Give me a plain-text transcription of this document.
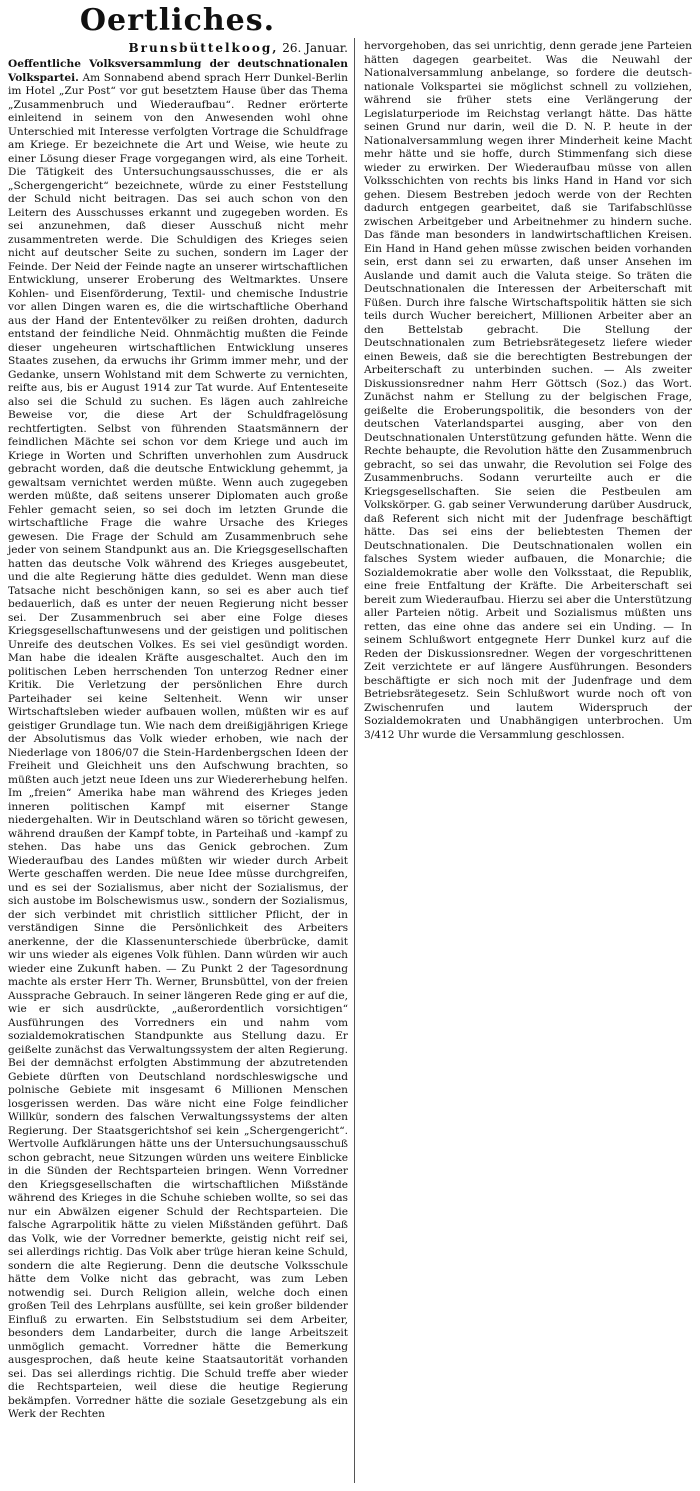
Oertliches.
Brunsbüttelkoog, 26. Januar.

Oeffentliche Volksversammlung der deutschnationalen Volkspartei. Am Sonnabend abend sprach Herr Dunkel-Berlin im Hotel „Zur Post“ vor gut besetztem Hause über das Thema „Zusammenbruch und Wiederaufbau“. Redner erörterte einleitend in seinem von den Anwesenden wohl ohne Unterschied mit Interesse verfolgten Vortrage die Schuldfrage am Kriege. Er bezeichnete die Art und Weise, wie heute zu einer Lösung dieser Frage vorgegangen wird, als eine Torheit. Die Tätigkeit des Untersuchungsausschusses, die er als „Schergengericht“ bezeichnete, würde zu einer Feststellung der Schuld nicht beitragen. Das sei auch schon von den Leitern des Ausschusses erkannt und zugegeben worden. Es sei anzunehmen, daß dieser Ausschuß nicht mehr zusammentreten werde. Die Schuldigen des Krieges seien nicht auf deutscher Seite zu suchen, sondern im Lager der Feinde. Der Neid der Feinde nagte an unserer wirtschaftlichen Entwicklung, unserer Eroberung des Weltmarktes. Unsere Kohlen- und Eisenförderung, Textil- und chemische Industrie vor allen Dingen waren es, die die wirtschaftliche Oberhand aus der Hand der Ententevölker zu reißen drohten, dadurch entstand der feindliche Neid. Ohnmächtig mußten die Feinde dieser ungeheuren wirtschaftlichen Entwicklung unseres Staates zusehen, da erwuchs ihr Grimm immer mehr, und der Gedanke, unsern Wohlstand mit dem Schwerte zu vernichten, reifte aus, bis er August 1914 zur Tat wurde. Auf Ententeseite also sei die Schuld zu suchen. Es lägen auch zahlreiche Beweise vor, die diese Art der Schuldfragelösung rechtfertigten. Selbst von führenden Staatsmännern der feindlichen Mächte sei schon vor dem Kriege und auch im Kriege in Worten und Schriften unverhohlen zum Ausdruck gebracht worden, daß die deutsche Entwicklung gehemmt, ja gewaltsam vernichtet werden müßte. Wenn auch zugegeben werden müßte, daß seitens unserer Diplomaten auch große Fehler gemacht seien, so sei doch im letzten Grunde die wirtschaftliche Frage die wahre Ursache des Krieges gewesen. Die Frage der Schuld am Zusammenbruch sehe jeder von seinem Standpunkt aus an. Die Kriegsgesellschaften hatten das deutsche Volk während des Krieges ausgebeutet, und die alte Regierung hätte dies geduldet. Wenn man diese Tatsache nicht beschönigen kann, so sei es aber auch tief bedauerlich, daß es unter der neuen Regierung nicht besser sei. Der Zusammenbruch sei aber eine Folge dieses Kriegsgesellschaftunwesens und der geistigen und politischen Unreife des deutschen Volkes. Es sei viel gesündigt worden. Man habe die idealen Kräfte ausgeschaltet. Auch den im politischen Leben herrschenden Ton unterzog Redner einer Kritik. Die Verletzung der persönlichen Ehre durch Parteihader sei keine Seltenheit. Wenn wir unser Wirtschaftsleben wieder aufbauen wollen, müßten wir es auf geistiger Grundlage tun. Wie nach dem dreißigjährigen Kriege der Absolutismus das Volk wieder erhoben, wie nach der Niederlage von 1806/07 die Stein-Hardenbergschen Ideen der Freiheit und Gleichheit uns den Aufschwung brachten, so müßten auch jetzt neue Ideen uns zur Wiedererhebung helfen. Im „freien“ Amerika habe man während des Krieges jeden inneren politischen Kampf mit eiserner Stange niedergehalten. Wir in Deutschland wären so töricht gewesen, während draußen der Kampf tobte, in Parteihaß und -kampf zu stehen. Das habe uns das Genick gebrochen. Zum Wiederaufbau des Landes müßten wir wieder durch Arbeit Werte geschaffen werden. Die neue Idee müsse durchgreifen, und es sei der Sozialismus, aber nicht der Sozialismus, der sich austobe im Bolschewismus usw., sondern der Sozialismus, der sich verbindet mit christlich sittlicher Pflicht, der in verständigen Sinne die Persönlichkeit des Arbeiters anerkenne, der die Klassenunterschiede überbrücke, damit wir uns wieder als eigenes Volk fühlen. Dann würden wir auch wieder eine Zukunft haben. — Zu Punkt 2 der Tagesordnung machte als erster Herr Th. Werner, Brunsbüttel, von der freien Aussprache Gebrauch. In seiner längeren Rede ging er auf die, wie er sich ausdrückte, „außerordentlich vorsichtigen“ Ausführungen des Vorredners ein und nahm vom sozialdemokratischen Standpunkte aus Stellung dazu. Er geißelte zunächst das Verwaltungssystem der alten Regierung. Bei der demnächst erfolgten Abstimmung der abzutretenden Gebiete dürften von Deutschland nordschleswigsche und polnische Gebiete mit insgesamt 6 Millionen Menschen losgerissen werden. Das wäre nicht eine Folge feindlicher Willkür, sondern des falschen Verwaltungssystems der alten Regierung. Der Staatsgerichtshof sei kein „Schergengericht“. Wertvolle Aufklärungen hätte uns der Untersuchungsausschuß schon gebracht, neue Sitzungen würden uns weitere Einblicke in die Sünden der Rechtsparteien bringen. Wenn Vorredner den Kriegsgesellschaften die wirtschaftlichen Mißstände während des Krieges in die Schuhe schieben wollte, so sei das nur ein Abwälzen eigener Schuld der Rechtsparteien. Die falsche Agrarpolitik hätte zu vielen Mißständen geführt. Daß das Volk, wie der Vorredner bemerkte, geistig nicht reif sei, sei allerdings richtig. Das Volk aber trüge hieran keine Schuld, sondern die alte Regierung. Denn die deutsche Volksschule hätte dem Volke nicht das gebracht, was zum Leben notwendig sei. Durch Religion allein, welche doch einen großen Teil des Lehrplans ausfüllte, sei kein großer bildender Einfluß zu erwarten. Ein Selbststudium sei dem Arbeiter, besonders dem Landarbeiter, durch die lange Arbeitszeit unmöglich gemacht. Vorredner hätte die Bemerkung ausgesprochen, daß heute keine Staatsautorität vorhanden sei. Das sei allerdings richtig. Die Schuld treffe aber wieder die Rechtsparteien, weil diese die heutige Regierung bekämpfen. Vorredner hätte die soziale Gesetzgebung als ein Werk der Rechten

hervorgehoben, das sei unrichtig, denn gerade jene Parteien hätten dagegen gearbeitet. Was die Neuwahl der Nationalversammlung anbelange, so fordere die deutsch-nationale Volkspartei sie möglichst schnell zu vollziehen, während sie früher stets eine Verlängerung der Legislaturperiode im Reichstag verlangt hätte. Das hätte seinen Grund nur darin, weil die D. N. P. heute in der Nationalversammlung wegen ihrer Minderheit keine Macht mehr hätte und sie hoffe, durch Stimmenfang sich diese wieder zu erwirken. Der Wiederaufbau müsse von allen Volksschichten von rechts bis links Hand in Hand vor sich gehen. Diesem Bestreben jedoch werde von der Rechten dadurch entgegen gearbeitet, daß sie Tarifabschlüsse zwischen Arbeitgeber und Arbeitnehmer zu hindern suche. Das fände man besonders in landwirtschaftlichen Kreisen. Ein Hand in Hand gehen müsse zwischen beiden vorhanden sein, erst dann sei zu erwarten, daß unser Ansehen im Auslande und damit auch die Valuta steige. So träten die Deutschnationalen die Interessen der Arbeiterschaft mit Füßen. Durch ihre falsche Wirtschaftspolitik hätten sie sich teils durch Wucher bereichert, Millionen Arbeiter aber an den Bettelstab gebracht. Die Stellung der Deutschnationalen zum Betriebsrätegesetz liefere wieder einen Beweis, daß sie die berechtigten Bestrebungen der Arbeiterschaft zu unterbinden suchen. — Als zweiter Diskussionsredner nahm Herr Göttsch (Soz.) das Wort. Zunächst nahm er Stellung zu der belgischen Frage, geißelte die Eroberungspolitik, die besonders von der deutschen Vaterlandspartei ausging, aber von den Deutschnationalen Unterstützung gefunden hätte. Wenn die Rechte behaupte, die Revolution hätte den Zusammenbruch gebracht, so sei das unwahr, die Revolution sei Folge des Zusammenbruchs. Sodann verurteilte auch er die Kriegsgesellschaften. Sie seien die Pestbeulen am Volkskörper. G. gab seiner Verwunderung darüber Ausdruck, daß Referent sich nicht mit der Judenfrage beschäftigt hätte. Das sei eins der beliebtesten Themen der Deutschnationalen. Die Deutschnationalen wollen ein falsches System wieder aufbauen, die Monarchie; die Sozialdemokratie aber wolle den Volksstaat, die Republik, eine freie Entfaltung der Kräfte. Die Arbeiterschaft sei bereit zum Wiederaufbau. Hierzu sei aber die Unterstützung aller Parteien nötig. Arbeit und Sozialismus müßten uns retten, das eine ohne das andere sei ein Unding. — In seinem Schlußwort entgegnete Herr Dunkel kurz auf die Reden der Diskussionsredner. Wegen der vorgeschrittenen Zeit verzichtete er auf längere Ausführungen. Besonders beschäftigte er sich noch mit der Judenfrage und dem Betriebsrätegesetz. Sein Schlußwort wurde noch oft von Zwischenrufen und lautem Widerspruch der Sozialdemokraten und Unabhängigen unterbrochen. Um 3/412 Uhr wurde die Versammlung geschlossen.
